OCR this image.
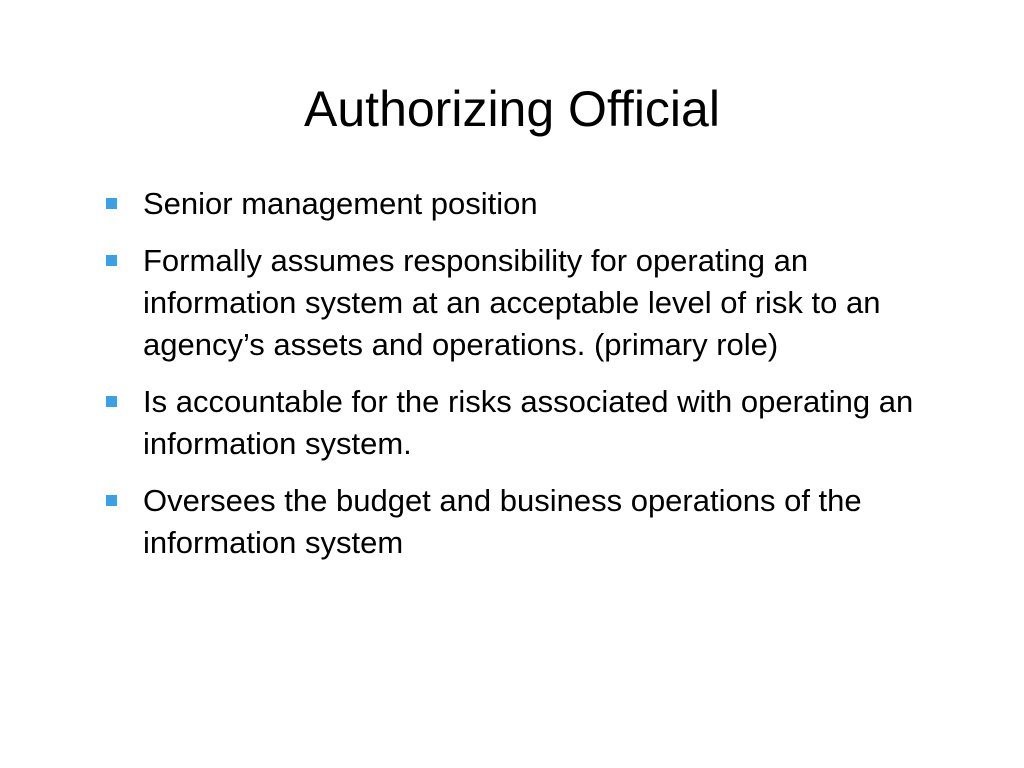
Authorizing Official
Senior management position
Formally assumes responsibility for operating an information system at an acceptable level of risk to an agency’s assets and operations. (primary role)
Is accountable for the risks associated with operating an information system.
Oversees the budget and business operations of the information system
